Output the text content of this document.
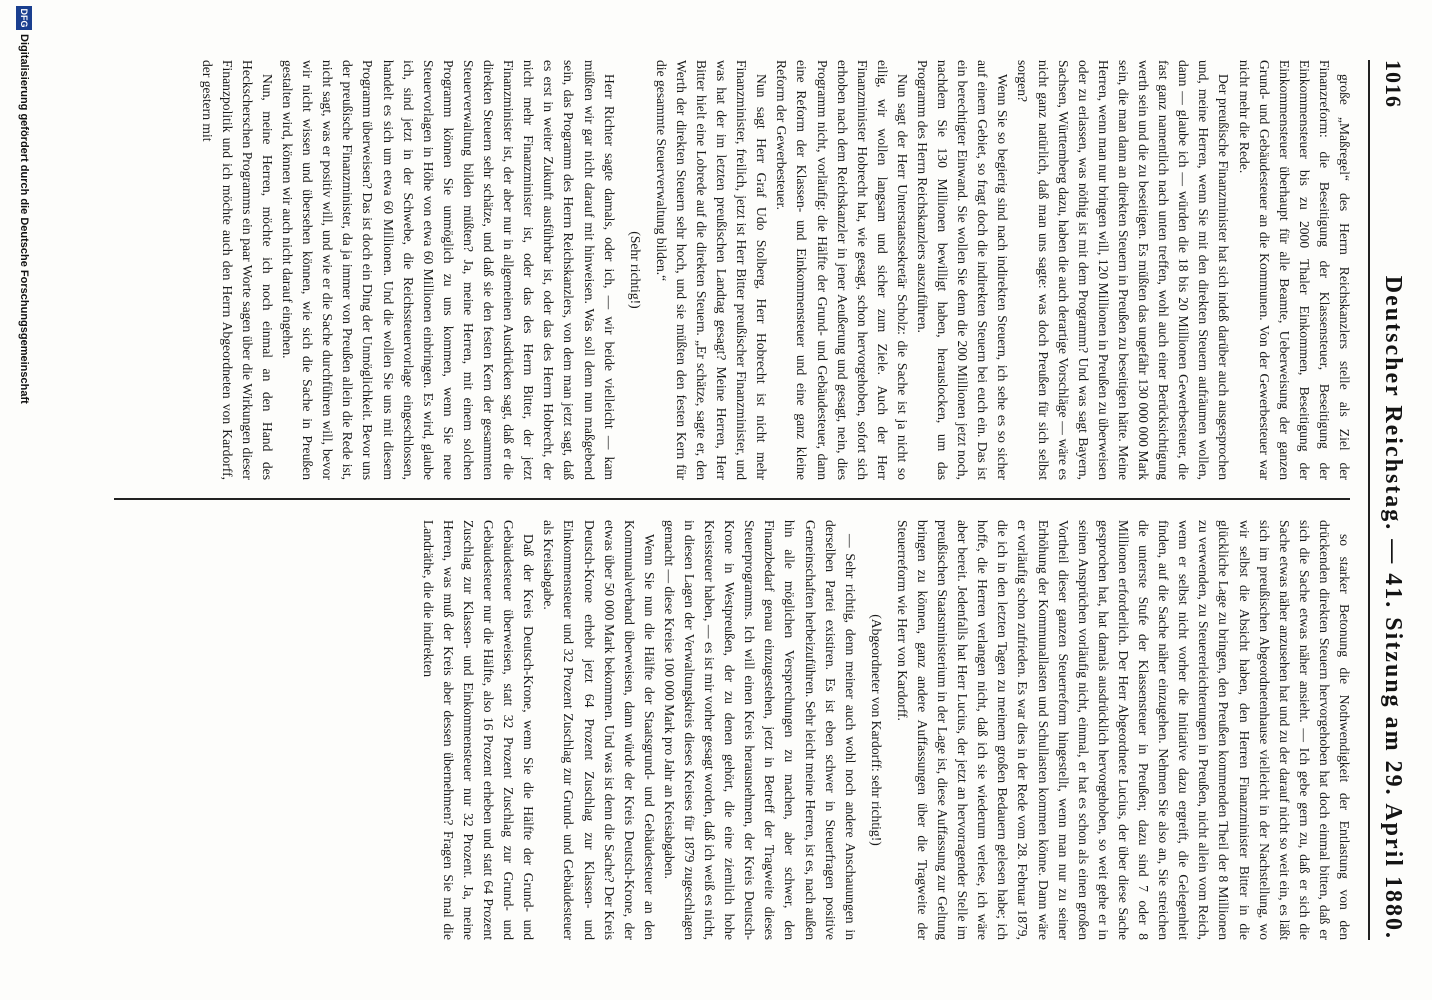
1016
Deutscher Reichstag. — 41. Sitzung am 29. April 1880.

große „Maßregel“ des Herrn Reichskanzlers stelle als Ziel der Finanzreform: die Beseitigung der Klassensteuer, Beseitigung der Einkommensteuer bis zu 2000 Thaler Einkommen, Beseitigung der Einkommensteuer überhaupt für alle Beamte, Ueberweisung der ganzen Grund- und Gebäudesteuer an die Kommunen. Von der Gewerbesteuer war nicht mehr die Rede.

Der preußische Finanzminister hat sich indeß darüber auch ausgesprochen und, meine Herren, wenn Sie mit den direkten Steuern aufräumen wollen, dann — glaube ich — würden die 18 bis 20 Millionen Gewerbesteuer, die fast ganz namentlich nach unten treffen, wohl auch einer Berücksichtigung werth sein und die zu beseitigen. Es müßten das ungefähr 130 000 000 Mark sein, die man dann an direkten Steuern in Preußen zu beseitigen hätte. Meine Herren, wenn man nur bringen will, 120 Millionen in Preußen zu überweisen oder zu erlassen, was nöthig ist mit dem Programm? Und was sagt Bayern, Sachsen, Württemberg dazu, haben die auch derartige Vorschläge — wäre es nicht ganz natürlich, daß man uns sagte: was doch Preußen für sich selbst sorgen?

Wenn Sie so begierig sind nach indirekten Steuern, ich sehe es so sicher auf einem Gebiet, so fragt doch die indirekten Steuern bei euch ein. Das ist ein berechtigter Einwand. Sie wollen Sie denn die 200 Millionen jetzt noch, nachdem Sie 130 Millionen bewilligt haben, herauslocken, um das Programm des Herrn Reichskanzlers auszuführen.

Nun sagt der Herr Unterstaatssekretär Scholz: die Sache ist ja nicht so eilig, wir wollen langsam und sicher zum Ziele. Auch der Herr Finanzminister Hobrecht hat, wie gesagt, schon hervorgehoben, sofort sich erhoben nach dem Reichskanzler in jener Aeußerung und gesagt, nein, dies Programm nicht, vorläufig: die Hälfte der Grund- und Gebäudesteuer, dann eine Reform der Klassen- und Einkommensteuer und eine ganz kleine Reform der Gewerbesteuer.

Nun sagt Herr Graf Udo Stolberg, Herr Hobrecht ist nicht mehr Finanzminister, freilich, jetzt ist Herr Bitter preußischer Finanzminister, und was hat der im letzten preußischen Landtag gesagt? Meine Herren, Herr Bitter hielt eine Lobrede auf die direkten Steuern. „Er schätze, sagte er, den Werth der direkten Steuern sehr hoch, und sie müßten den festen Kern für die gesammte Steuerverwaltung bilden.“

(Sehr richtig!)

Herr Richter sagte damals, oder ich, — wir beide vielleicht — kam müßten wir gar nicht darauf mit hinweisen. Was soll denn nun maßgebend sein, das Programm des Herrn Reichskanzlers, von dem man jetzt sagt, daß es erst in weiter Zukunft ausführbar ist, oder das des Herrn Hobrecht, der nicht mehr Finanzminister ist, oder das des Herrn Bitter, der jetzt Finanzminister ist, der aber nur in allgemeinen Ausdrücken sagt, daß er die direkten Steuern sehr schätze, und daß sie den festen Kern der gesammten Steuerverwaltung bilden müßten? Ja, meine Herren, mit einem solchen Programm können Sie unmöglich zu uns kommen, wenn Sie neue Steuervorlagen in Höhe von etwa 60 Millionen einbringen. Es wird, glaube ich, sind jetzt in der Schwebe, die Reichssteuervorlage eingeschlossen, handelt es sich um etwa 60 Millionen. Und die wollen Sie uns mit diesem Programm überweisen? Das ist doch ein Ding der Unmöglichkeit. Bevor uns der preußische Finanzminister, da ja immer von Preußen allein die Rede ist, nicht sagt, was er positiv will, und wie er die Sache durchführen will, bevor wir nicht wissen und übersehen können, wie sich die Sache in Preußen gestalten wird, können wir auch nicht darauf eingehen.

Nun, meine Herren, möchte ich noch einmal an den Hand des Heckscherschen Programms ein paar Worte sagen über die Wirkungen dieser Finanzpolitik und ich möchte auch den Herrn Abgeordneten von Kardorff, der gestern mit

so starker Betonung die Nothwendigkeit der Entlastung von den drückenden direkten Steuern hervorgehoben hat doch einmal bitten, daß er sich die Sache etwas näher ansieht. — Ich gebe gern zu, daß er sich die Sache etwas näher anzusehen hat und zu der darauf nicht so weit ein, es läßt sich im preußischen Abgeordnetenhause vielleicht in der Nachstellung, wo wir selbst die Absicht haben, den Herren Finanzminister Bitter in die glückliche Lage zu bringen, den Preußen kommenden Theil der 8 Millionen zu verwenden, zu Steuererleichterungen in Preußen, nicht allein vom Reich, wenn er selbst nicht vorher die Initiative dazu ergreift, die Gelegenheit finden, auf die Sache näher einzugehen. Nehmen Sie also an, Sie streichen die unterste Stufe der Klassensteuer in Preußen; dazu sind 7 oder 8 Millionen erforderlich. Der Herr Abgeordnete Lucius, der über diese Sache gesprochen hat, hat damals ausdrücklich hervorgehoben, so weit gehe er in seinen Ansprüchen vorläufig nicht, einmal, er hat es schon als einen großen Vortheil dieser ganzen Steuerreform hingestellt, wenn man nur zu seiner Erhöhung der Kommunallasten und Schullasten kommen könne. Dann wäre er vorläufig schon zufrieden. Es war dies in der Rede vom 28. Februar 1879, die ich in den letzten Tagen zu meinem großen Bedauern gelesen habe; ich hoffe, die Herren verlangen nicht, daß ich sie wiederum verlese, ich wäre aber bereit. Jedenfalls hat Herr Lucius, der jetzt an hervorragender Stelle im preußischen Staatsministerium in der Lage ist, diese Auffassung zur Geltung bringen zu können, ganz andere Auffassungen über die Tragweite der Steuerreform wie Herr von Kardorff.

(Abgeordneter von Kardorff: sehr richtig!)

— Sehr richtig, denn meiner auch wohl noch andere Anschauungen in derselben Partei existiren. Es ist eben schwer in Steuerfragen positive Gemeinschaften herbeizuführen. Sehr leicht meine Herren, ist es, nach außen hin alle möglichen Versprechungen zu machen, aber schwer, den Finanzbedarf genau einzugestehen, jetzt in Betreff der Tragweite dieses Steuerprogramms. Ich will einen Kreis herausnehmen, der Kreis Deutsch-Krone in Westpreußen, der zu denen gehört, die eine ziemlich hohe Kreissteuer haben, — es ist mir vorher gesagt worden, daß ich weiß es nicht, in diesen Lagen der Verwaltungskreis dieses Kreises für 1879 zugeschlagen gemacht — diese Kreise 100 000 Mark pro Jahr an Kreisabgaben.

Wenn Sie nun die Hälfte der Staatsgrund- und Gebäudesteuer an den Kommunalverband überweisen, dann würde der Kreis Deutsch-Krone, der etwas über 50 000 Mark bekommen. Und was ist denn die Sache? Der Kreis Deutsch-Krone erhebt jetzt 64 Prozent Zuschlag zur Klassen- und Einkommensteuer und 32 Prozent Zuschlag zur Grund- und Gebäudesteuer als Kreisabgabe.

Daß der Kreis Deutsch-Krone, wenn Sie die Hälfte der Grund- und Gebäudesteuer überweisen, statt 32 Prozent Zuschlag zur Grund- und Gebäudesteuer nur die Hälfte, also 16 Prozent erheben und statt 64 Prozent Zuschlag zur Klassen- und Einkommensteuer nur 32 Prozent. Ja, meine Herren, was muß der Kreis aber dessen übernehmen? Fragen Sie mal die Landräthe, die die indirekten

DFG
Digitalisierung gefördert durch die Deutsche Forschungsgemeinschaft
